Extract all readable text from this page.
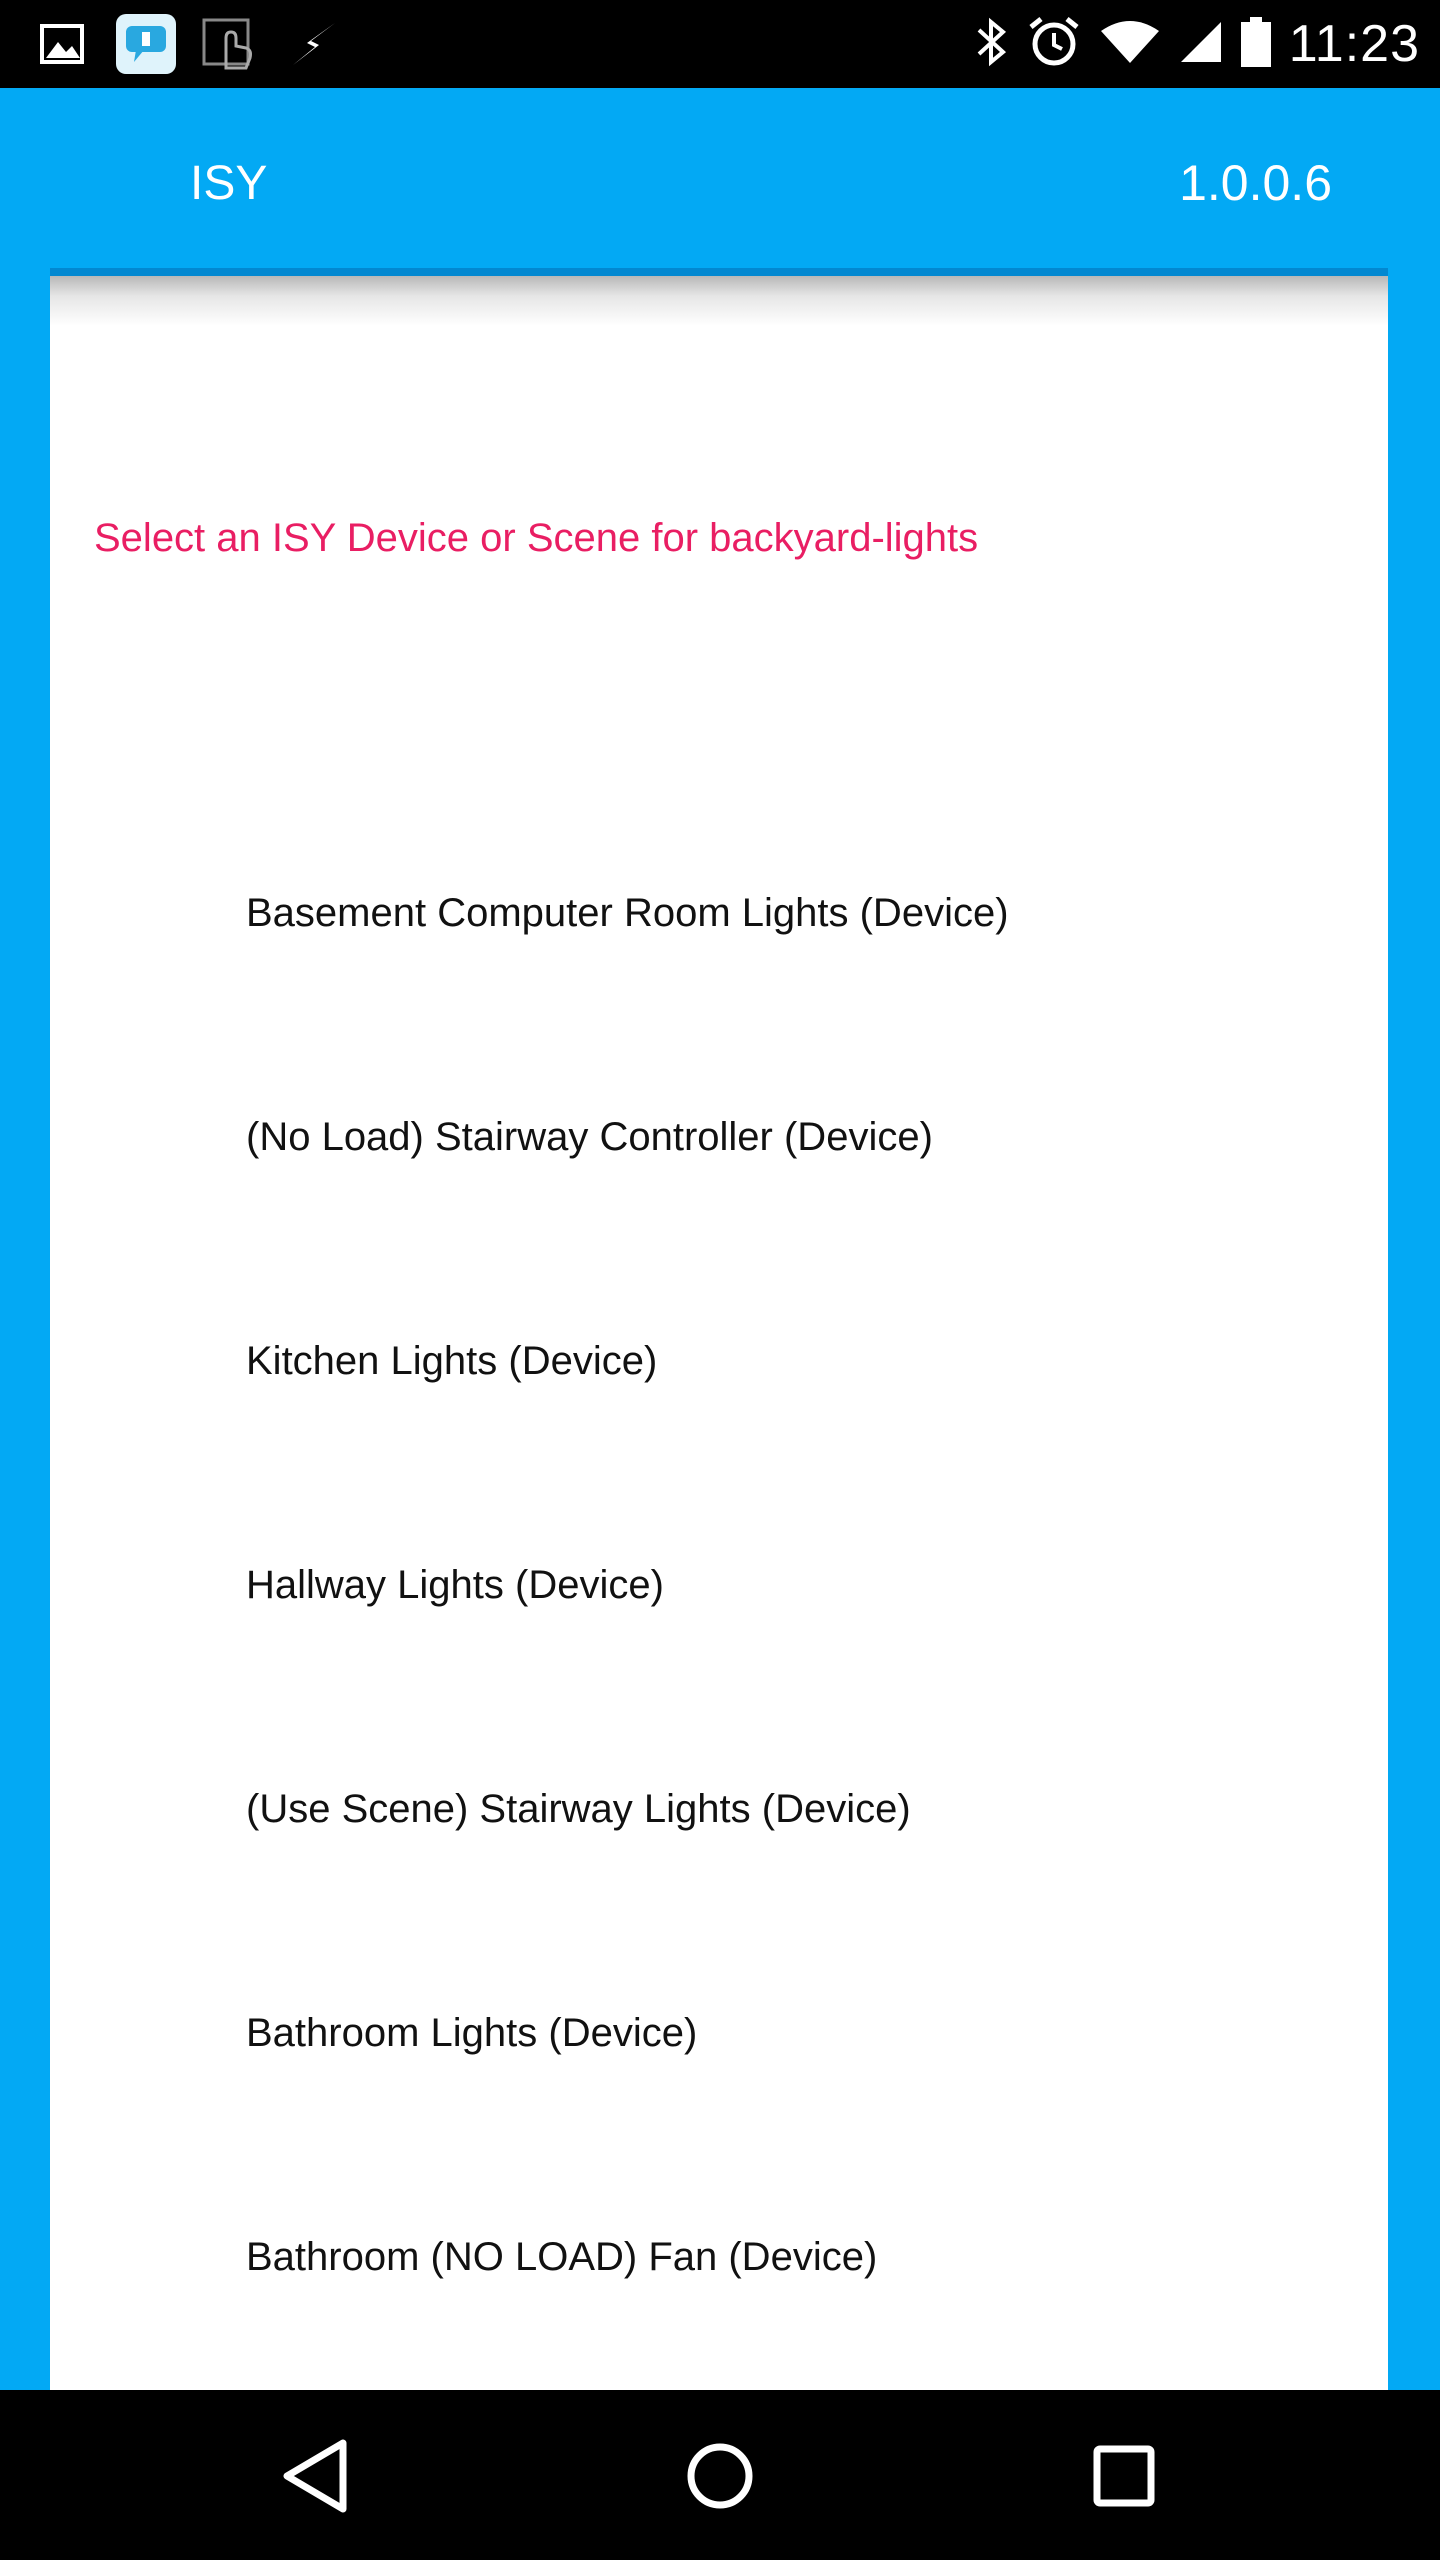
11:23
ISY	1.0.0.6
Select an ISY Device or Scene for backyard-lights
Basement Computer Room Lights (Device)
(No Load) Stairway Controller (Device)
Kitchen Lights (Device)
Hallway Lights (Device)
(Use Scene) Stairway Lights (Device)
Bathroom Lights (Device)
Bathroom (NO LOAD) Fan (Device)
